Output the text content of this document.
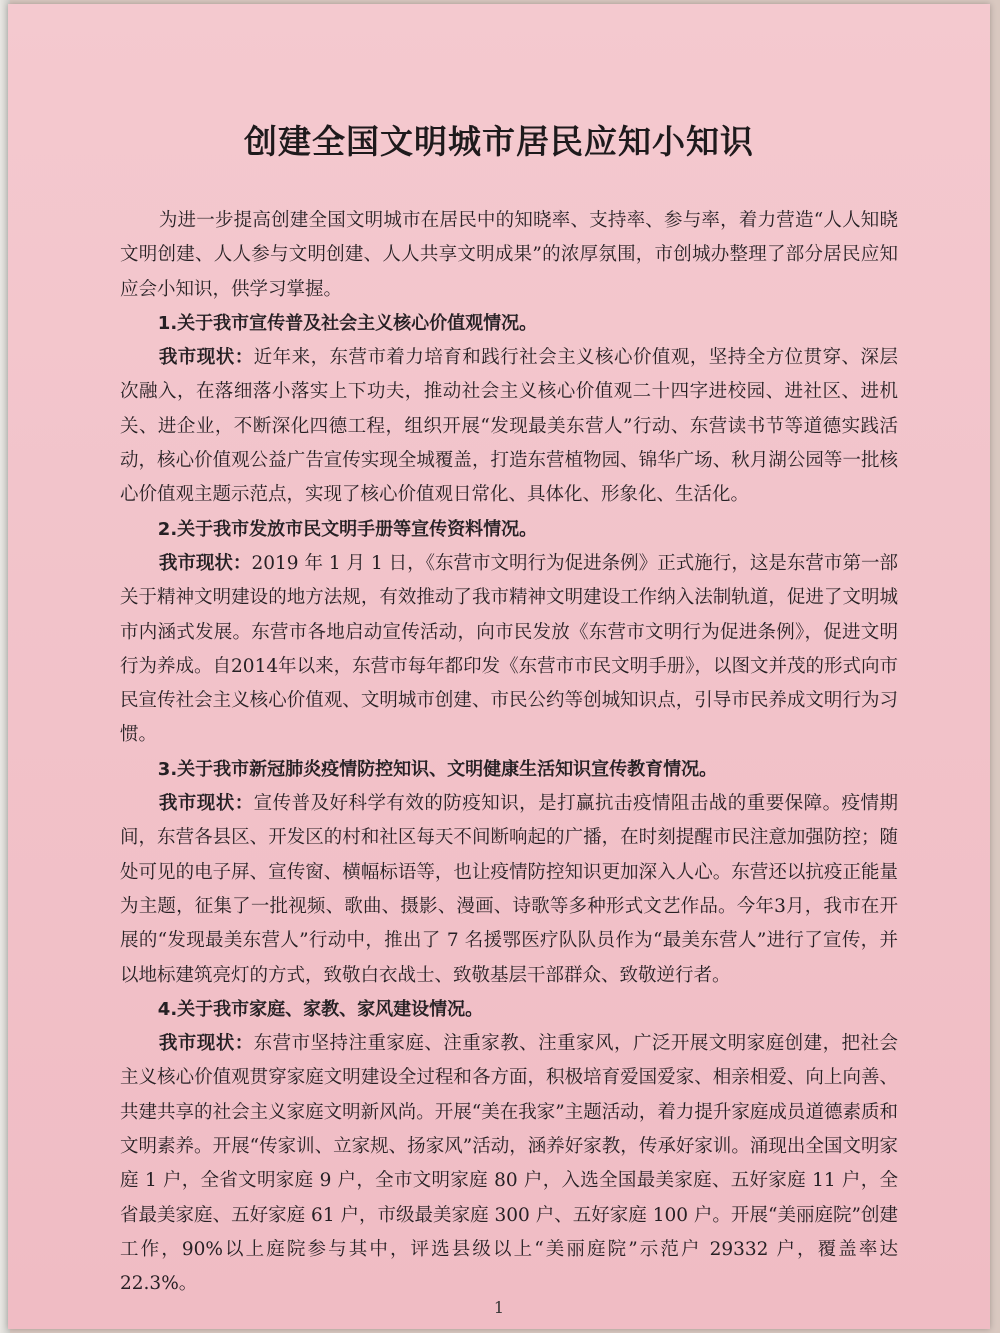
创建全国文明城市居民应知小知识

为进一步提高创建全国文明城市在居民中的知晓率、支持率、参与率，着力营造“人人知晓文明创建、人人参与文明创建、人人共享文明成果”的浓厚氛围，市创城办整理了部分居民应知应会小知识，供学习掌握。

1.关于我市宣传普及社会主义核心价值观情况。

我市现状：近年来，东营市着力培育和践行社会主义核心价值观，坚持全方位贯穿、深层次融入，在落细落小落实上下功夫，推动社会主义核心价值观二十四字进校园、进社区、进机关、进企业，不断深化四德工程，组织开展“发现最美东营人”行动、东营读书节等道德实践活动，核心价值观公益广告宣传实现全城覆盖，打造东营植物园、锦华广场、秋月湖公园等一批核心价值观主题示范点，实现了核心价值观日常化、具体化、形象化、生活化。

2.关于我市发放市民文明手册等宣传资料情况。

我市现状：2019 年 1 月 1 日，《东营市文明行为促进条例》正式施行，这是东营市第一部关于精神文明建设的地方法规，有效推动了我市精神文明建设工作纳入法制轨道，促进了文明城市内涵式发展。东营市各地启动宣传活动，向市民发放《东营市文明行为促进条例》，促进文明行为养成。自2014年以来，东营市每年都印发《东营市市民文明手册》，以图文并茂的形式向市民宣传社会主义核心价值观、文明城市创建、市民公约等创城知识点，引导市民养成文明行为习惯。

3.关于我市新冠肺炎疫情防控知识、文明健康生活知识宣传教育情况。

我市现状：宣传普及好科学有效的防疫知识，是打赢抗击疫情阻击战的重要保障。疫情期间，东营各县区、开发区的村和社区每天不间断响起的广播，在时刻提醒市民注意加强防控；随处可见的电子屏、宣传窗、横幅标语等，也让疫情防控知识更加深入人心。东营还以抗疫正能量为主题，征集了一批视频、歌曲、摄影、漫画、诗歌等多种形式文艺作品。今年3月，我市在开展的“发现最美东营人”行动中，推出了 7 名援鄂医疗队队员作为“最美东营人”进行了宣传，并以地标建筑亮灯的方式，致敬白衣战士、致敬基层干部群众、致敬逆行者。

4.关于我市家庭、家教、家风建设情况。

我市现状：东营市坚持注重家庭、注重家教、注重家风，广泛开展文明家庭创建，把社会主义核心价值观贯穿家庭文明建设全过程和各方面，积极培育爱国爱家、相亲相爱、向上向善、共建共享的社会主义家庭文明新风尚。开展“美在我家”主题活动，着力提升家庭成员道德素质和文明素养。开展“传家训、立家规、扬家风”活动，涵养好家教，传承好家训。涌现出全国文明家庭 1 户，全省文明家庭 9 户，全市文明家庭 80 户，入选全国最美家庭、五好家庭 11 户，全省最美家庭、五好家庭 61 户，市级最美家庭 300 户、五好家庭 100 户。开展“美丽庭院”创建工作，90%以上庭院参与其中，评选县级以上“美丽庭院”示范户 29332 户，覆盖率达 22.3%。

1
